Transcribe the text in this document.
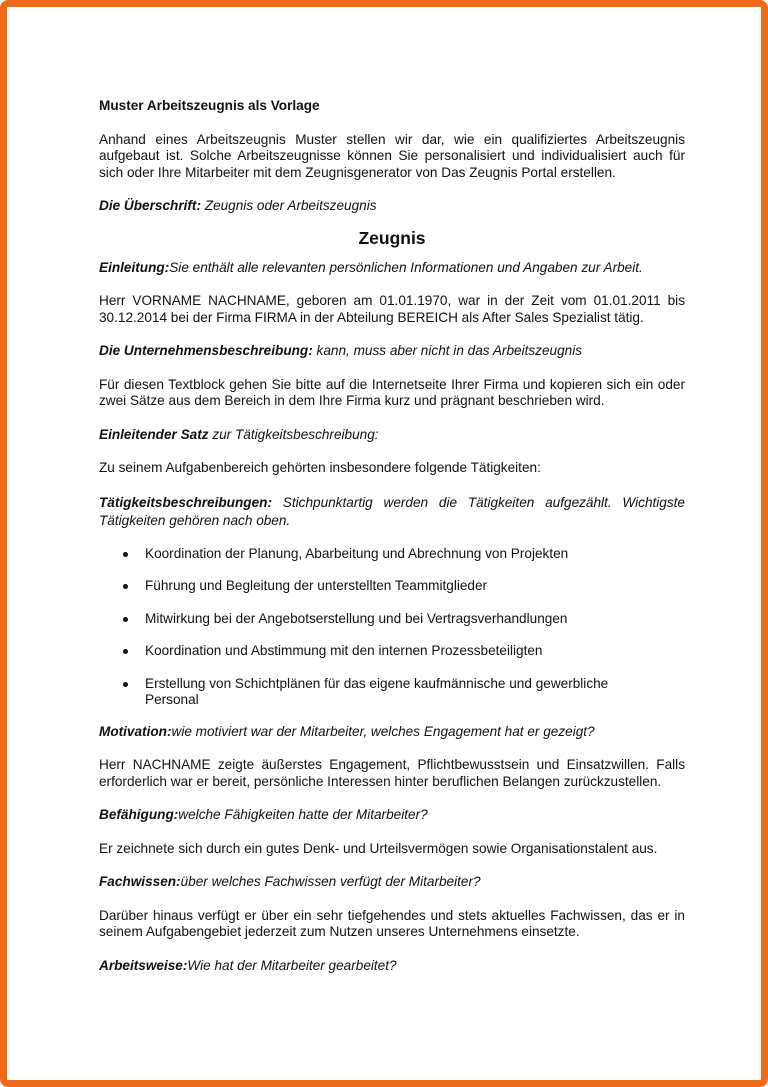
Muster Arbeitszeugnis als Vorlage

Anhand eines Arbeitszeugnis Muster stellen wir dar, wie ein qualifiziertes Arbeitszeugnis aufgebaut ist. Solche Arbeitszeugnisse können Sie personalisiert und individualisiert auch für sich oder Ihre Mitarbeiter mit dem Zeugnisgenerator von Das Zeugnis Portal erstellen.

Die Überschrift: Zeugnis oder Arbeitszeugnis

Zeugnis

Einleitung:Sie enthält alle relevanten persönlichen Informationen und Angaben zur Arbeit.

Herr VORNAME NACHNAME, geboren am 01.01.1970, war in der Zeit vom 01.01.2011 bis 30.12.2014 bei der Firma FIRMA in der Abteilung BEREICH als After Sales Spezialist tätig.

Die Unternehmensbeschreibung: kann, muss aber nicht in das Arbeitszeugnis

Für diesen Textblock gehen Sie bitte auf die Internetseite Ihrer Firma und kopieren sich ein oder zwei Sätze aus dem Bereich in dem Ihre Firma kurz und prägnant beschrieben wird.

Einleitender Satz zur Tätigkeitsbeschreibung:

Zu seinem Aufgabenbereich gehörten insbesondere folgende Tätigkeiten:

Tätigkeitsbeschreibungen: Stichpunktartig werden die Tätigkeiten aufgezählt. Wichtigste Tätigkeiten gehören nach oben.

Koordination der Planung, Abarbeitung und Abrechnung von Projekten
Führung und Begleitung der unterstellten Teammitglieder
Mitwirkung bei der Angebotserstellung und bei Vertragsverhandlungen
Koordination und Abstimmung mit den internen Prozessbeteiligten
Erstellung von Schichtplänen für das eigene kaufmännische und gewerbliche Personal

Motivation:wie motiviert war der Mitarbeiter, welches Engagement hat er gezeigt?

Herr NACHNAME zeigte äußerstes Engagement, Pflichtbewusstsein und Einsatzwillen. Falls erforderlich war er bereit, persönliche Interessen hinter beruflichen Belangen zurückzustellen.

Befähigung:welche Fähigkeiten hatte der Mitarbeiter?

Er zeichnete sich durch ein gutes Denk- und Urteilsvermögen sowie Organisationstalent aus.

Fachwissen:über welches Fachwissen verfügt der Mitarbeiter?

Darüber hinaus verfügt er über ein sehr tiefgehendes und stets aktuelles Fachwissen, das er in seinem Aufgabengebiet jederzeit zum Nutzen unseres Unternehmens einsetzte.

Arbeitsweise:Wie hat der Mitarbeiter gearbeitet?
